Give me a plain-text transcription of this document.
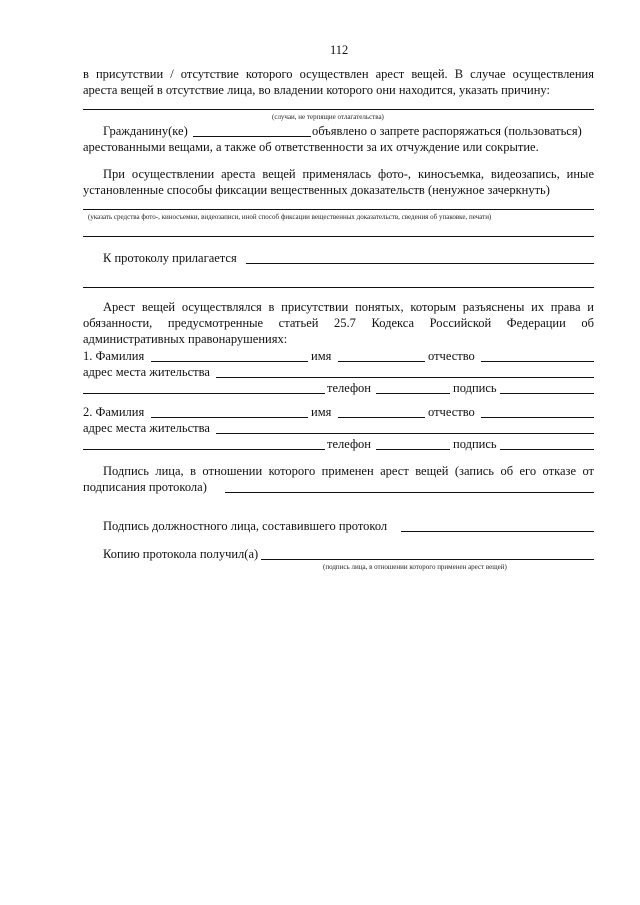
112
в присутствии / отсутствие которого осуществлен арест вещей. В случае осуществления
ареста вещей в отсутствие лица, во владении которого они находится, указать причину:
(случаи, не терпящие отлагательства)
Гражданину(ке)	объявлено о запрете распоряжаться (пользоваться)
арестованными вещами, а также об ответственности за их отчуждение или сокрытие.
При осуществлении ареста вещей применялась фото-, киносъемка, видеозапись, иные
установленные способы фиксации вещественных доказательств (ненужное зачеркнуть)
(указать средства фото-, киносъемки, видеозаписи, иной способ фиксации вещественных доказательств, сведения об упаковке, печати)
К протоколу прилагается
Арест вещей осуществлялся в присутствии понятых, которым разъяснены их права и
обязанности, предусмотренные статьей 25.7 Кодекса Российской Федерации об
административных правонарушениях:
1. Фамилия	имя	отчество
адрес места жительства
телефон	подпись
2. Фамилия	имя	отчество
адрес места жительства
телефон	подпись
Подпись лица, в отношении которого применен арест вещей (запись об его отказе от
подписания протокола)
Подпись должностного лица, составившего протокол
Копию протокола получил(а)
(подпись лица, в отношении которого применен арест вещей)
